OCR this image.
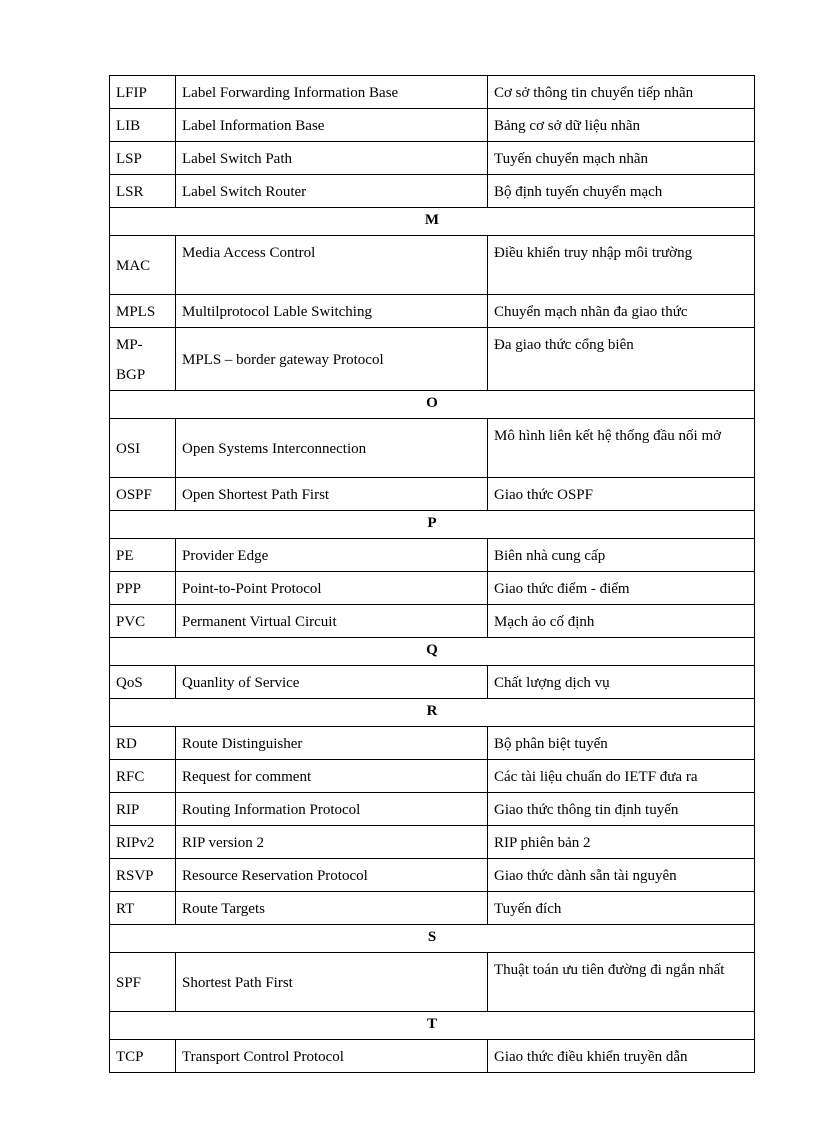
LFIP	Label Forwarding Information Base	Cơ sở thông tin chuyển tiếp nhãn
LIB	Label Information Base	Bảng cơ sở dữ liệu nhãn
LSP	Label Switch Path	Tuyến chuyển mạch nhãn
LSR	Label Switch Router	Bộ định tuyến chuyển mạch
M		
MAC	Media Access Control	Điều khiển truy nhập môi trường
MPLS	Multilprotocol Lable Switching	Chuyển mạch nhãn đa giao thức
MP-BGP	MPLS – border gateway Protocol	Đa giao thức cổng biên
O		
OSI	Open Systems Interconnection	Mô hình liên kết hệ thống đầu nối mở
OSPF	Open Shortest Path First	Giao thức OSPF
P		
PE	Provider Edge	Biên nhà cung cấp
PPP	Point-to-Point Protocol	Giao thức điểm - điểm
PVC	Permanent Virtual Circuit	Mạch ảo cố định
Q		
QoS	Quanlity of Service	Chất lượng dịch vụ
R		
RD	Route Distinguisher	Bộ phân biệt tuyến
RFC	Request for comment	Các tài liệu chuẩn do IETF đưa ra
RIP	Routing Information Protocol	Giao thức thông tin định tuyến
RIPv2	RIP version 2	RIP phiên bản 2
RSVP	Resource Reservation Protocol	Giao thức dành sẵn tài nguyên
RT	Route Targets	Tuyến đích
S		
SPF	Shortest Path First	Thuật toán ưu tiên đường đi ngắn nhất
T		
TCP	Transport Control Protocol	Giao thức điều khiển truyền dẫn
